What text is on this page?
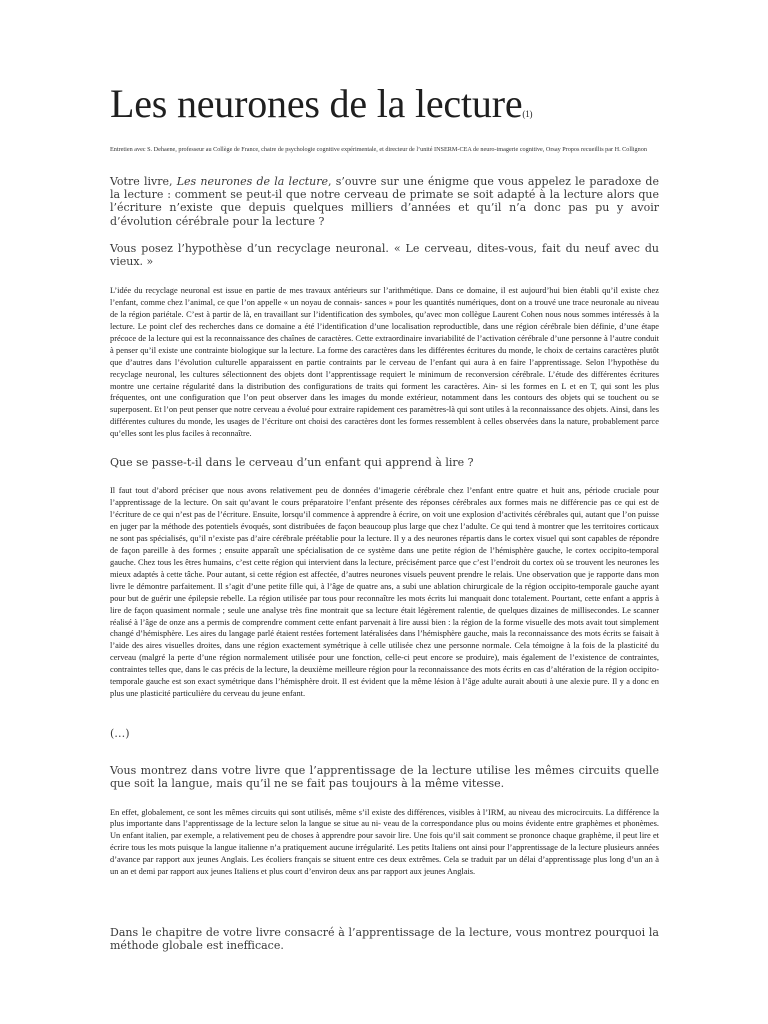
Les neurones de la lecture(1)
Entretien avec S. Dehaene, professeur au Collège de France, chaire de psychologie cognitive expérimentale, et directeur de l’unité INSERM-CEA de neuro-imagerie cognitive, Orsay Propos recueillis par H. Collignon

Votre livre, Les neurones de la lecture, s’ouvre sur une énigme que vous appelez le paradoxe de la lecture : comment se peut-il que notre cerveau de primate se soit adapté à la lecture alors que l’écriture n’existe que depuis quelques milliers d’années et qu’il n’a donc pas pu y avoir d’évolution cérébrale pour la lecture ?

Vous posez l’hypothèse d’un recyclage neuronal. « Le cerveau, dites-vous, fait du neuf avec du vieux. »

L’idée du recyclage neuronal est issue en partie de mes travaux antérieurs sur l’arithmétique. Dans ce domaine, il est aujourd’hui bien établi qu’il existe chez l’enfant, comme chez l’animal, ce que l’on appelle « un noyau de connais- sances » pour les quantités numériques, dont on a trouvé une trace neuronale au niveau de la région pariétale. C’est à partir de là, en travaillant sur l’identification des symboles, qu’avec mon collègue Laurent Cohen nous nous sommes intéressés à la lecture. Le point clef des recherches dans ce domaine a été l’identification d’une localisation reproductible, dans une région cérébrale bien définie, d’une étape précoce de la lecture qui est la reconnaissance des chaînes de caractères. Cette extraordinaire invariabilité de l’activation cérébrale d’une personne à l’autre conduit à penser qu’il existe une contrainte biologique sur la lecture. La forme des caractères dans les différentes écritures du monde, le choix de certains caractères plutôt que d’autres dans l’évolution culturelle apparaissent en partie contraints par le cerveau de l’enfant qui aura à en faire l’apprentissage. Selon l’hypothèse du recyclage neuronal, les cultures sélectionnent des objets dont l’apprentissage requiert le minimum de reconversion cérébrale. L’étude des différentes écritures montre une certaine régularité dans la distribution des configurations de traits qui forment les caractères. Ain- si les formes en L et en T, qui sont les plus fréquentes, ont une configuration que l’on peut observer dans les images du monde extérieur, notamment dans les contours des objets qui se touchent ou se superposent. Et l’on peut penser que notre cerveau a évolué pour extraire rapidement ces paramètres-là qui sont utiles à la reconnaissance des objets. Ainsi, dans les différentes cultures du monde, les usages de l’écriture ont choisi des caractères dont les formes ressemblent à celles observées dans la nature, probablement parce qu’elles sont les plus faciles à reconnaître.

Que se passe-t-il dans le cerveau d’un enfant qui apprend à lire ?

Il faut tout d’abord préciser que nous avons relativement peu de données d’imagerie cérébrale chez l’enfant entre quatre et huit ans, période cruciale pour l’apprentissage de la lecture. On sait qu’avant le cours préparatoire l’enfant présente des réponses cérébrales aux formes mais ne différencie pas ce qui est de l’écriture de ce qui n’est pas de l’écriture. Ensuite, lorsqu’il commence à apprendre à écrire, on voit une explosion d’activités cérébrales qui, autant que l’on puisse en juger par la méthode des potentiels évoqués, sont distribuées de façon beaucoup plus large que chez l’adulte. Ce qui tend à montrer que les territoires corticaux ne sont pas spécialisés, qu’il n’existe pas d’aire cérébrale préétablie pour la lecture. Il y a des neurones répartis dans le cortex visuel qui sont capables de répondre de façon pareille à des formes ; ensuite apparaît une spécialisation de ce système dans une petite région de l’hémisphère gauche, le cortex occipito-temporal gauche. Chez tous les êtres humains, c’est cette région qui intervient dans la lecture, précisément parce que c’est l’endroit du cortex où se trouvent les neurones les mieux adaptés à cette tâche. Pour autant, si cette région est affectée, d’autres neurones visuels peuvent prendre le relais. Une observation que je rapporte dans mon livre le démontre parfaitement. Il s’agit d’une petite fille qui, à l’âge de quatre ans, a subi une ablation chirurgicale de la région occipito-temporale gauche ayant pour but de guérir une épilepsie rebelle. La région utilisée par tous pour reconnaître les mots écrits lui manquait donc totalement. Pourtant, cette enfant a appris à lire de façon quasiment normale ; seule une analyse très fine montrait que sa lecture était légèrement ralentie, de quelques dizaines de millisecondes. Le scanner réalisé à l’âge de onze ans a permis de comprendre comment cette enfant parvenait à lire aussi bien : la région de la forme visuelle des mots avait tout simplement changé d’hémisphère. Les aires du langage parlé étaient restées fortement latéralisées dans l’hémisphère gauche, mais la reconnaissance des mots écrits se faisait à l’aide des aires visuelles droites, dans une région exactement symétrique à celle utilisée chez une personne normale. Cela témoigne à la fois de la plasticité du cerveau (malgré la perte d’une région normalement utilisée pour une fonction, celle-ci peut encore se produire), mais également de l’existence de contraintes, contraintes telles que, dans le cas précis de la lecture, la deuxième meilleure région pour la reconnaissance des mots écrits en cas d’altération de la région occipito-temporale gauche est son exact symétrique dans l’hémisphère droit. Il est évident que la même lésion à l’âge adulte aurait abouti à une alexie pure. Il y a donc en plus une plasticité particulière du cerveau du jeune enfant.

(…)

Vous montrez dans votre livre que l’apprentissage de la lecture utilise les mêmes circuits quelle que soit la langue, mais qu’il ne se fait pas toujours à la même vitesse.

En effet, globalement, ce sont les mêmes circuits qui sont utilisés, même s’il existe des différences, visibles à l’IRM, au niveau des microcircuits. La différence la plus importante dans l’apprentissage de la lecture selon la langue se situe au ni- veau de la correspondance plus ou moins évidente entre graphèmes et phonèmes. Un enfant italien, par exemple, a relativement peu de choses à apprendre pour savoir lire. Une fois qu’il sait comment se prononce chaque graphème, il peut lire et écrire tous les mots puisque la langue italienne n’a pratiquement aucune irrégularité. Les petits Italiens ont ainsi pour l’apprentissage de la lecture plusieurs années d’avance par rapport aux jeunes Anglais. Les écoliers français se situent entre ces deux extrêmes. Cela se traduit par un délai d’apprentissage plus long d’un an à un an et demi par rapport aux jeunes Italiens et plus court d’environ deux ans par rapport aux jeunes Anglais.

Dans le chapitre de votre livre consacré à l’apprentissage de la lecture, vous montrez pourquoi la méthode globale est inefficace.
